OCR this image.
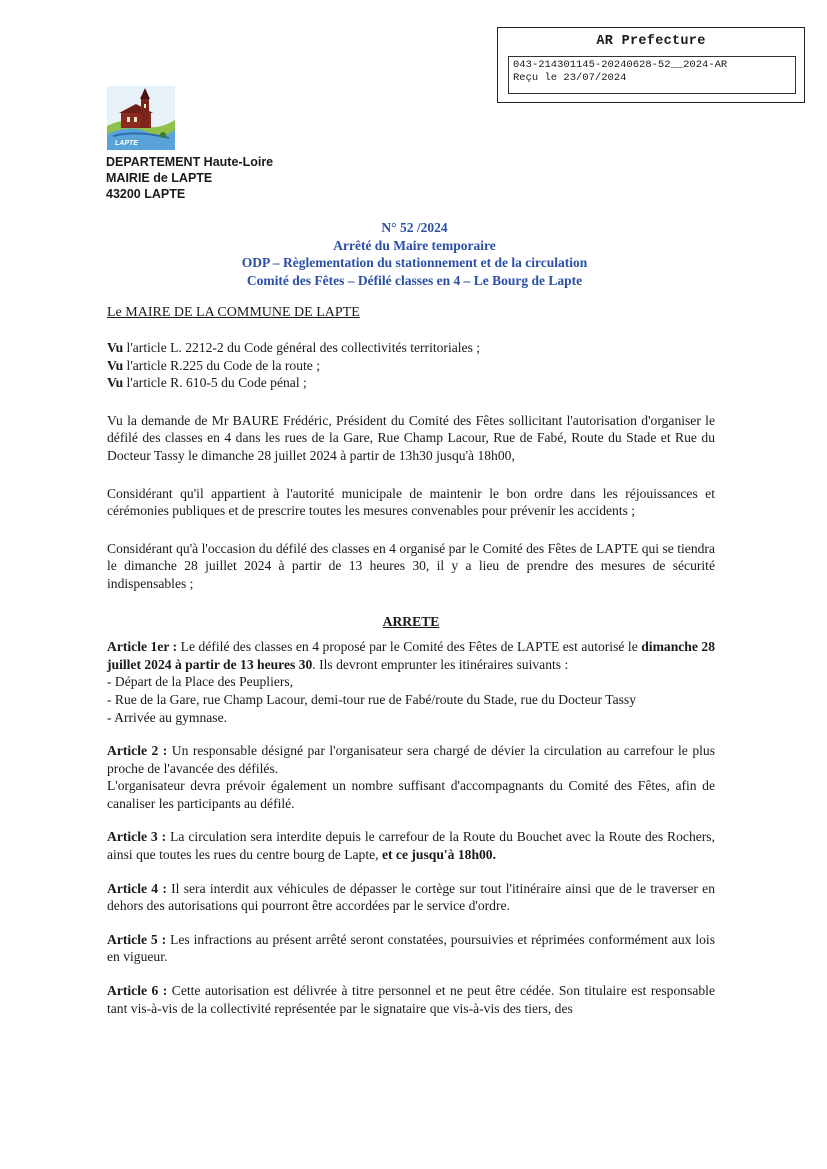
AR Prefecture
043-214301145-20240628-52__2024-AR
Reçu le 23/07/2024
LAPTE
DEPARTEMENT Haute-Loire
MAIRIE de LAPTE
43200 LAPTE
N° 52 /2024
Arrêté du Maire temporaire
ODP – Règlementation du stationnement et de la circulation
Comité des Fêtes – Défilé classes en 4 – Le Bourg de Lapte
Le MAIRE DE LA COMMUNE DE LAPTE

Vu l'article L. 2212-2 du Code général des collectivités territoriales ;
Vu l'article R.225 du Code de la route ;
Vu l'article R. 610-5 du Code pénal ;

Vu la demande de Mr BAURE Frédéric, Président du Comité des Fêtes sollicitant l'autorisation d'organiser le défilé des classes en 4 dans les rues de la Gare, Rue Champ Lacour, Rue de Fabé, Route du Stade et Rue du Docteur Tassy le dimanche 28 juillet 2024 à partir de 13h30 jusqu'à 18h00,

Considérant qu'il appartient à l'autorité municipale de maintenir le bon ordre dans les réjouissances et cérémonies publiques et de prescrire toutes les mesures convenables pour prévenir les accidents ;

Considérant qu'à l'occasion du défilé des classes en 4 organisé par le Comité des Fêtes de LAPTE qui se tiendra le dimanche 28 juillet 2024 à partir de 13 heures 30, il y a lieu de prendre des mesures de sécurité indispensables ;

ARRETE

Article 1er : Le défilé des classes en 4 proposé par le Comité des Fêtes de LAPTE est autorisé le dimanche 28 juillet 2024 à partir de 13 heures 30. Ils devront emprunter les itinéraires suivants :
- Départ de la Place des Peupliers,
- Rue de la Gare, rue Champ Lacour, demi-tour rue de Fabé/route du Stade, rue du Docteur Tassy
- Arrivée au gymnase.

Article 2 : Un responsable désigné par l'organisateur sera chargé de dévier la circulation au carrefour le plus proche de l'avancée des défilés.
L'organisateur devra prévoir également un nombre suffisant d'accompagnants du Comité des Fêtes, afin de canaliser les participants au défilé.

Article 3 : La circulation sera interdite depuis le carrefour de la Route du Bouchet avec la Route des Rochers, ainsi que toutes les rues du centre bourg de Lapte, et ce jusqu'à 18h00.

Article 4 : Il sera interdit aux véhicules de dépasser le cortège sur tout l'itinéraire ainsi que de le traverser en dehors des autorisations qui pourront être accordées par le service d'ordre.

Article 5 : Les infractions au présent arrêté seront constatées, poursuivies et réprimées conformément aux lois en vigueur.

Article 6 : Cette autorisation est délivrée à titre personnel et ne peut être cédée. Son titulaire est responsable tant vis-à-vis de la collectivité représentée par le signataire que vis-à-vis des tiers, des
